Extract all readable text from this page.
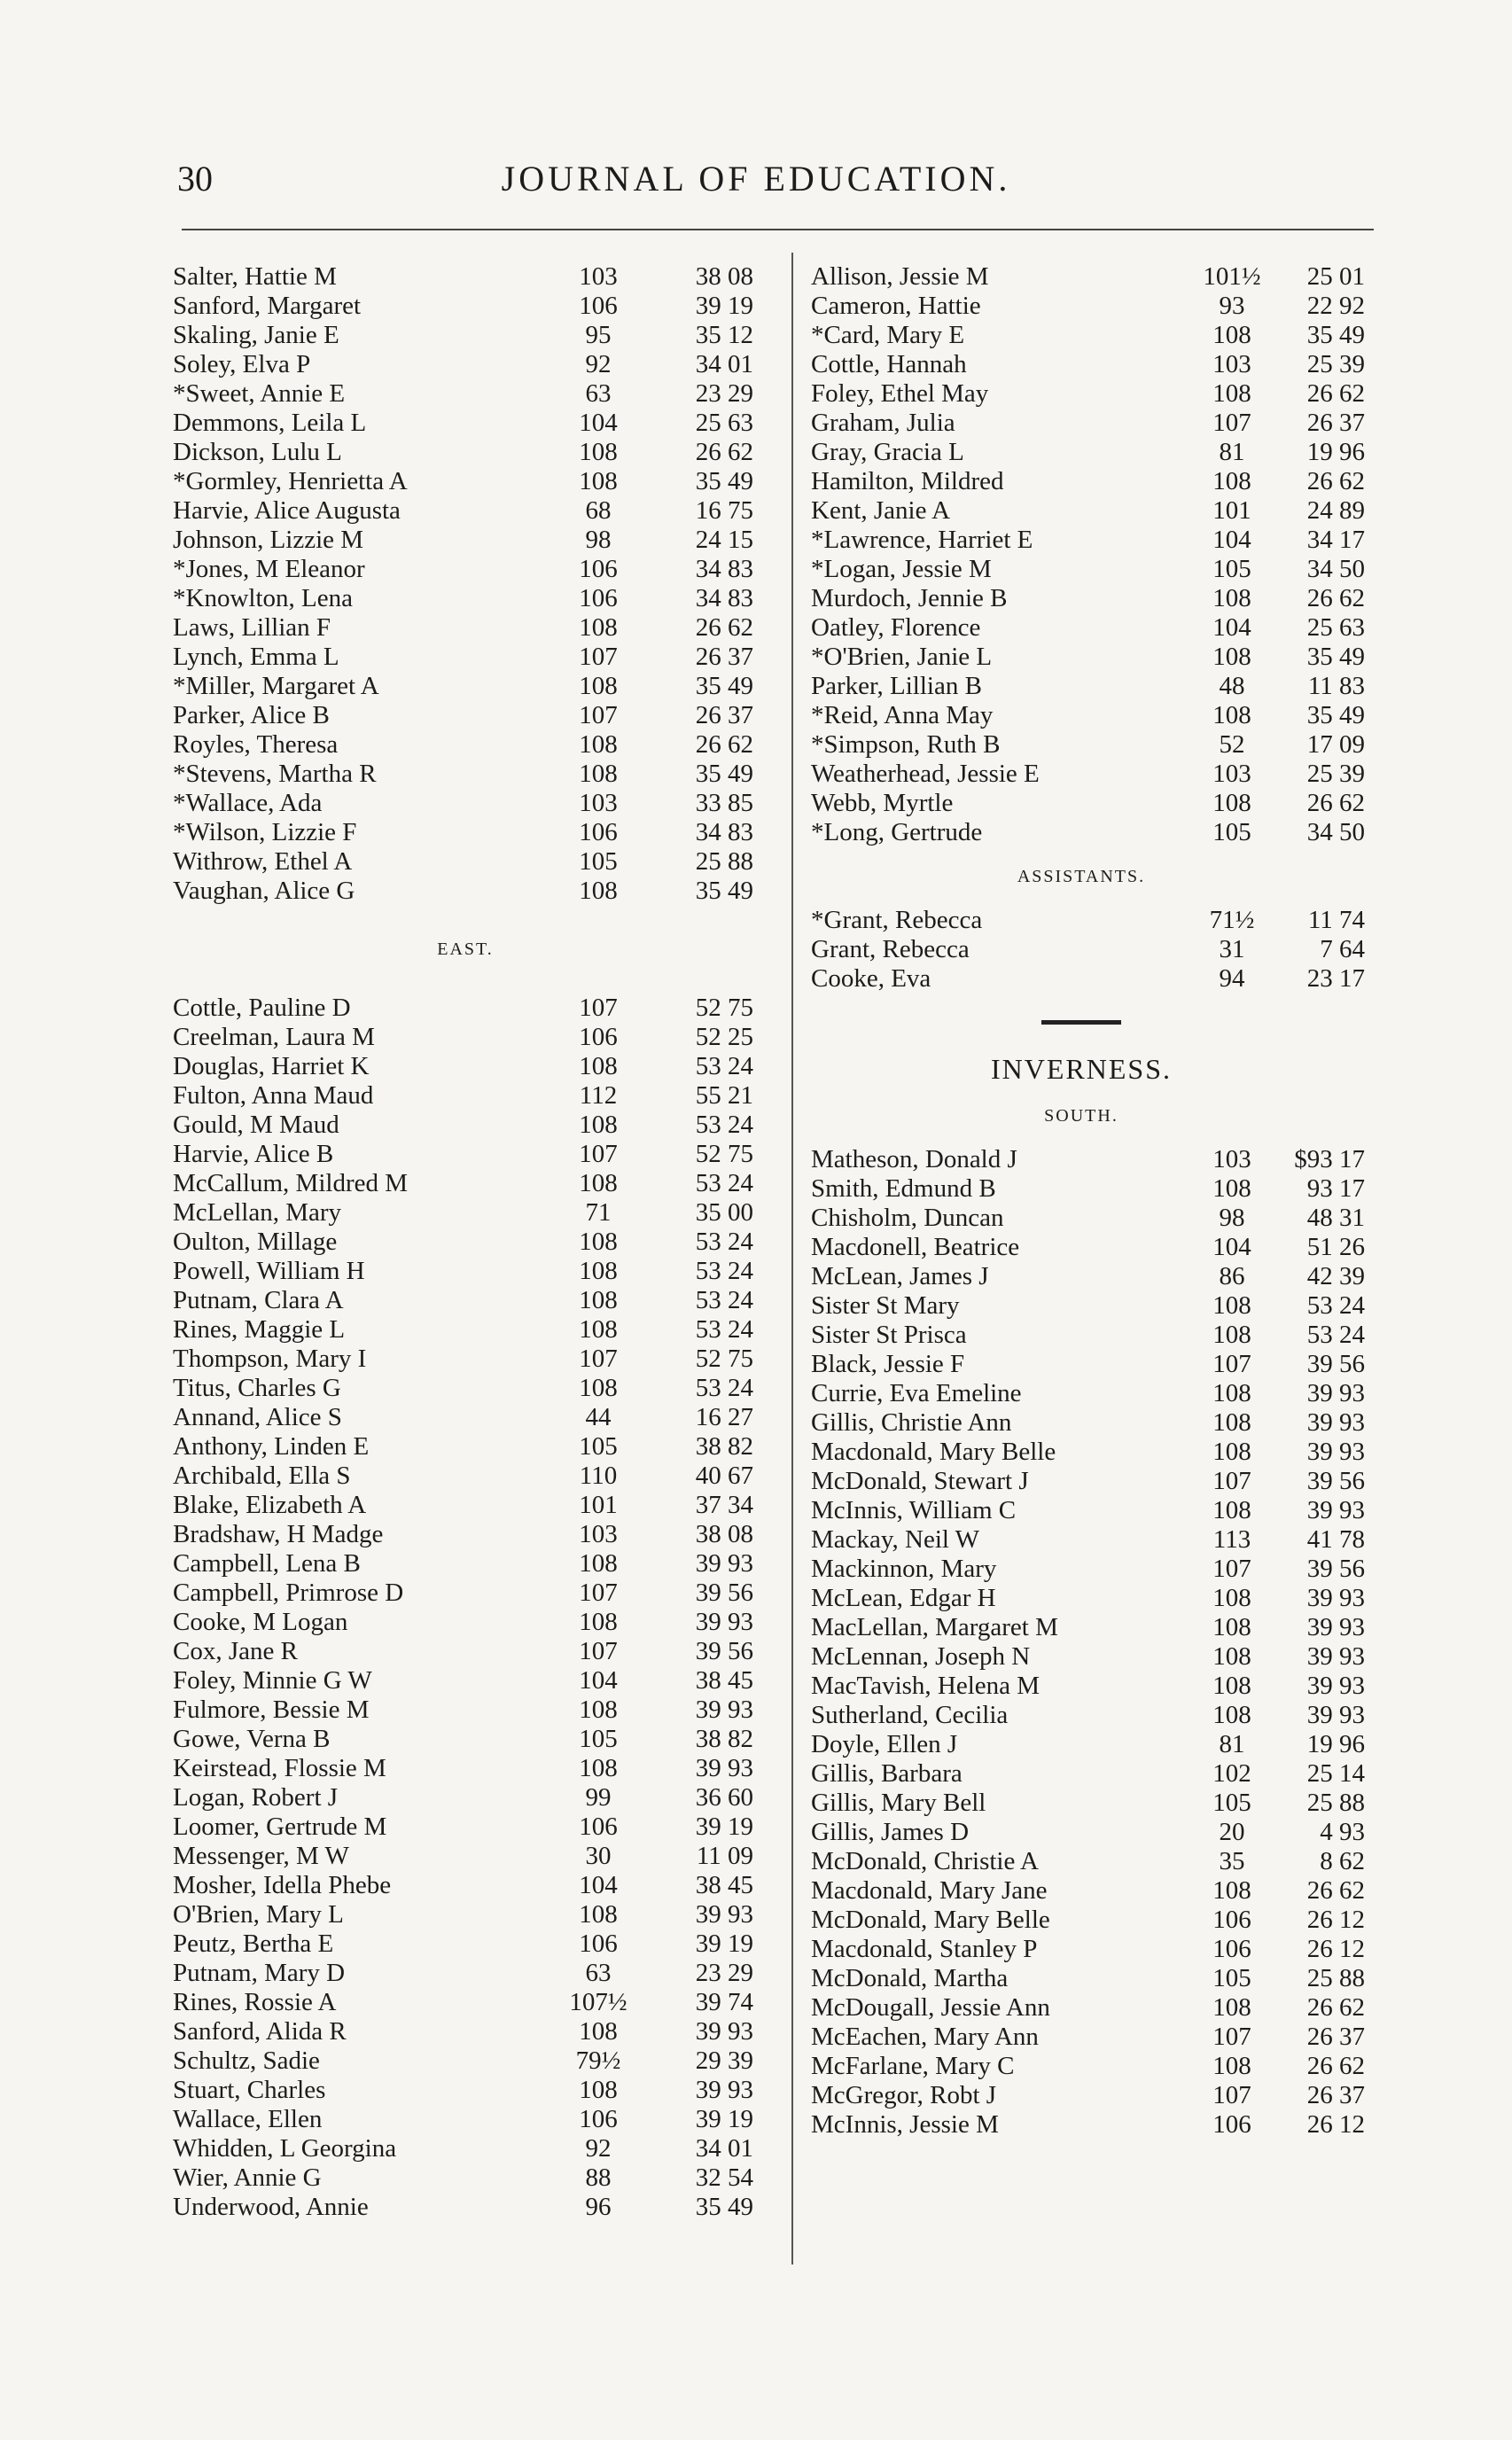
30	JOURNAL OF EDUCATION.
Salter, Hattie M	103	38 08
Sanford, Margaret	106	39 19
Skaling, Janie E	95	35 12
Soley, Elva P	92	34 01
*Sweet, Annie E	63	23 29
Demmons, Leila L	104	25 63
Dickson, Lulu L	108	26 62
*Gormley, Henrietta A	108	35 49
Harvie, Alice Augusta	68	16 75
Johnson, Lizzie M	98	24 15
*Jones, M Eleanor	106	34 83
*Knowlton, Lena	106	34 83
Laws, Lillian F	108	26 62
Lynch, Emma L	107	26 37
*Miller, Margaret A	108	35 49
Parker, Alice B	107	26 37
Royles, Theresa	108	26 62
*Stevens, Martha R	108	35 49
*Wallace, Ada	103	33 85
*Wilson, Lizzie F	106	34 83
Withrow, Ethel A	105	25 88
Vaughan, Alice G	108	35 49
EAST.
Cottle, Pauline D	107	52 75
Creelman, Laura M	106	52 25
Douglas, Harriet K	108	53 24
Fulton, Anna Maud	112	55 21
Gould, M Maud	108	53 24
Harvie, Alice B	107	52 75
McCallum, Mildred M	108	53 24
McLellan, Mary	71	35 00
Oulton, Millage	108	53 24
Powell, William H	108	53 24
Putnam, Clara A	108	53 24
Rines, Maggie L	108	53 24
Thompson, Mary I	107	52 75
Titus, Charles G	108	53 24
Annand, Alice S	44	16 27
Anthony, Linden E	105	38 82
Archibald, Ella S	110	40 67
Blake, Elizabeth A	101	37 34
Bradshaw, H Madge	103	38 08
Campbell, Lena B	108	39 93
Campbell, Primrose D	107	39 56
Cooke, M Logan	108	39 93
Cox, Jane R	107	39 56
Foley, Minnie G W	104	38 45
Fulmore, Bessie M	108	39 93
Gowe, Verna B	105	38 82
Keirstead, Flossie M	108	39 93
Logan, Robert J	99	36 60
Loomer, Gertrude M	106	39 19
Messenger, M W	30	11 09
Mosher, Idella Phebe	104	38 45
O'Brien, Mary L	108	39 93
Peutz, Bertha E	106	39 19
Putnam, Mary D	63	23 29
Rines, Rossie A	107½	39 74
Sanford, Alida R	108	39 93
Schultz, Sadie	79½	29 39
Stuart, Charles	108	39 93
Wallace, Ellen	106	39 19
Whidden, L Georgina	92	34 01
Wier, Annie G	88	32 54
Underwood, Annie	96	35 49
Allison, Jessie M	101½	25 01
Cameron, Hattie	93	22 92
*Card, Mary E	108	35 49
Cottle, Hannah	103	25 39
Foley, Ethel May	108	26 62
Graham, Julia	107	26 37
Gray, Gracia L	81	19 96
Hamilton, Mildred	108	26 62
Kent, Janie A	101	24 89
*Lawrence, Harriet E	104	34 17
*Logan, Jessie M	105	34 50
Murdoch, Jennie B	108	26 62
Oatley, Florence	104	25 63
*O'Brien, Janie L	108	35 49
Parker, Lillian B	48	11 83
*Reid, Anna May	108	35 49
*Simpson, Ruth B	52	17 09
Weatherhead, Jessie E	103	25 39
Webb, Myrtle	108	26 62
*Long, Gertrude	105	34 50
ASSISTANTS.
*Grant, Rebecca	71½	11 74
Grant, Rebecca	31	7 64
Cooke, Eva	94	23 17
INVERNESS.
SOUTH.
Matheson, Donald J	103	$93 17
Smith, Edmund B	108	93 17
Chisholm, Duncan	98	48 31
Macdonell, Beatrice	104	51 26
McLean, James J	86	42 39
Sister St Mary	108	53 24
Sister St Prisca	108	53 24
Black, Jessie F	107	39 56
Currie, Eva Emeline	108	39 93
Gillis, Christie Ann	108	39 93
Macdonald, Mary Belle	108	39 93
McDonald, Stewart J	107	39 56
McInnis, William C	108	39 93
Mackay, Neil W	113	41 78
Mackinnon, Mary	107	39 56
McLean, Edgar H	108	39 93
MacLellan, Margaret M	108	39 93
McLennan, Joseph N	108	39 93
MacTavish, Helena M	108	39 93
Sutherland, Cecilia	108	39 93
Doyle, Ellen J	81	19 96
Gillis, Barbara	102	25 14
Gillis, Mary Bell	105	25 88
Gillis, James D	20	4 93
McDonald, Christie A	35	8 62
Macdonald, Mary Jane	108	26 62
McDonald, Mary Belle	106	26 12
Macdonald, Stanley P	106	26 12
McDonald, Martha	105	25 88
McDougall, Jessie Ann	108	26 62
McEachen, Mary Ann	107	26 37
McFarlane, Mary C	108	26 62
McGregor, Robt J	107	26 37
McInnis, Jessie M	106	26 12
